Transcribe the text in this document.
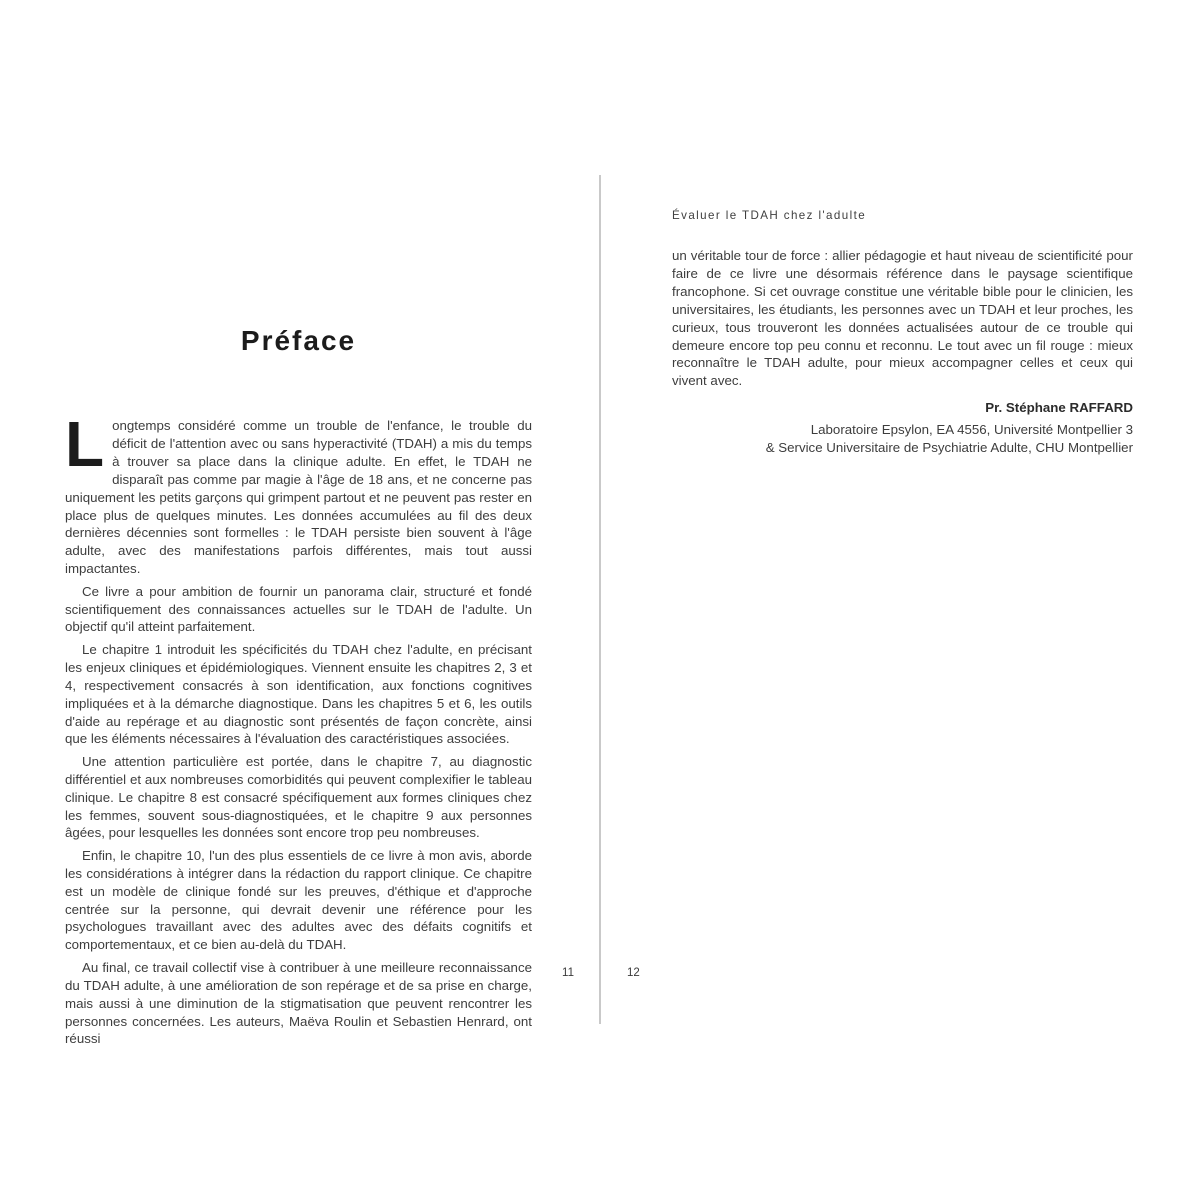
Préface

Longtemps considéré comme un trouble de l'enfance, le trouble du déficit de l'attention avec ou sans hyperactivité (TDAH) a mis du temps à trouver sa place dans la clinique adulte. En effet, le TDAH ne disparaît pas comme par magie à l'âge de 18 ans, et ne concerne pas uniquement les petits garçons qui grimpent partout et ne peuvent pas rester en place plus de quelques minutes. Les données accumulées au fil des deux dernières décennies sont formelles : le TDAH persiste bien souvent à l'âge adulte, avec des manifestations parfois différentes, mais tout aussi impactantes.

Ce livre a pour ambition de fournir un panorama clair, structuré et fondé scientifiquement des connaissances actuelles sur le TDAH de l'adulte. Un objectif qu'il atteint parfaitement.

Le chapitre 1 introduit les spécificités du TDAH chez l'adulte, en précisant les enjeux cliniques et épidémiologiques. Viennent ensuite les chapitres 2, 3 et 4, respectivement consacrés à son identification, aux fonctions cognitives impliquées et à la démarche diagnostique. Dans les chapitres 5 et 6, les outils d'aide au repérage et au diagnostic sont présentés de façon concrète, ainsi que les éléments nécessaires à l'évaluation des caractéristiques associées.

Une attention particulière est portée, dans le chapitre 7, au diagnostic différentiel et aux nombreuses comorbidités qui peuvent complexifier le tableau clinique. Le chapitre 8 est consacré spécifiquement aux formes cliniques chez les femmes, souvent sous-diagnostiquées, et le chapitre 9 aux personnes âgées, pour lesquelles les données sont encore trop peu nombreuses.

Enfin, le chapitre 10, l'un des plus essentiels de ce livre à mon avis, aborde les considérations à intégrer dans la rédaction du rapport clinique. Ce chapitre est un modèle de clinique fondé sur les preuves, d'éthique et d'approche centrée sur la personne, qui devrait devenir une référence pour les psychologues travaillant avec des adultes avec des défaits cognitifs et comportementaux, et ce bien au-delà du TDAH.

Au final, ce travail collectif vise à contribuer à une meilleure reconnaissance du TDAH adulte, à une amélioration de son repérage et de sa prise en charge, mais aussi à une diminution de la stigmatisation que peuvent rencontrer les personnes concernées. Les auteurs, Maëva Roulin et Sebastien Henrard, ont réussi

11
Évaluer le TDAH chez l'adulte

un véritable tour de force : allier pédagogie et haut niveau de scientificité pour faire de ce livre une désormais référence dans le paysage scientifique francophone. Si cet ouvrage constitue une véritable bible pour le clinicien, les universitaires, les étudiants, les personnes avec un TDAH et leur proches, les curieux, tous trouveront les données actualisées autour de ce trouble qui demeure encore top peu connu et reconnu. Le tout avec un fil rouge : mieux reconnaître le TDAH adulte, pour mieux accompagner celles et ceux qui vivent avec.

Pr. Stéphane RAFFARD
Laboratoire Epsylon, EA 4556, Université Montpellier 3
& Service Universitaire de Psychiatrie Adulte, CHU Montpellier
12
